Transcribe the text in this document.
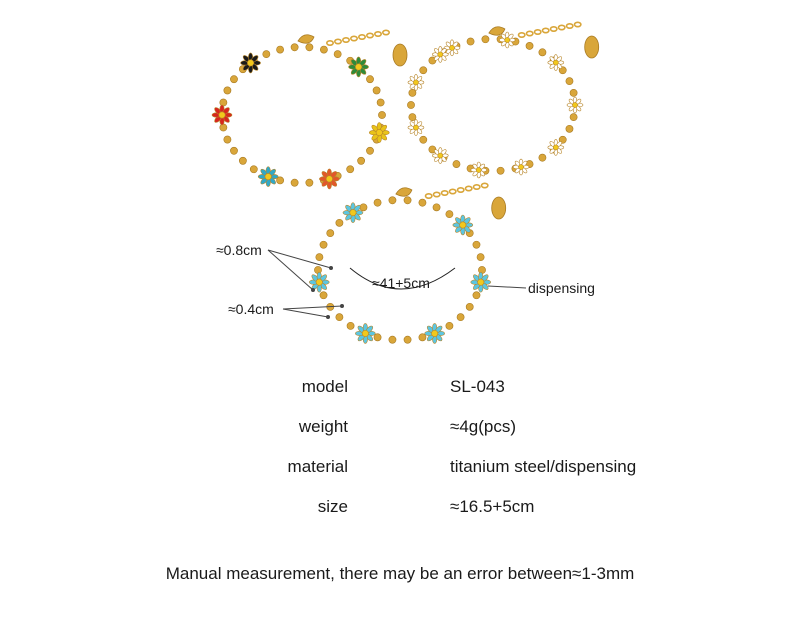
≈0.8cm
≈0.4cm
≈41+5cm	dispensing
model	SL-043
weight	≈4g(pcs)
material	titanium steel/dispensing
size	≈16.5+5cm
Manual measurement, there may be an error between≈1-3mm
